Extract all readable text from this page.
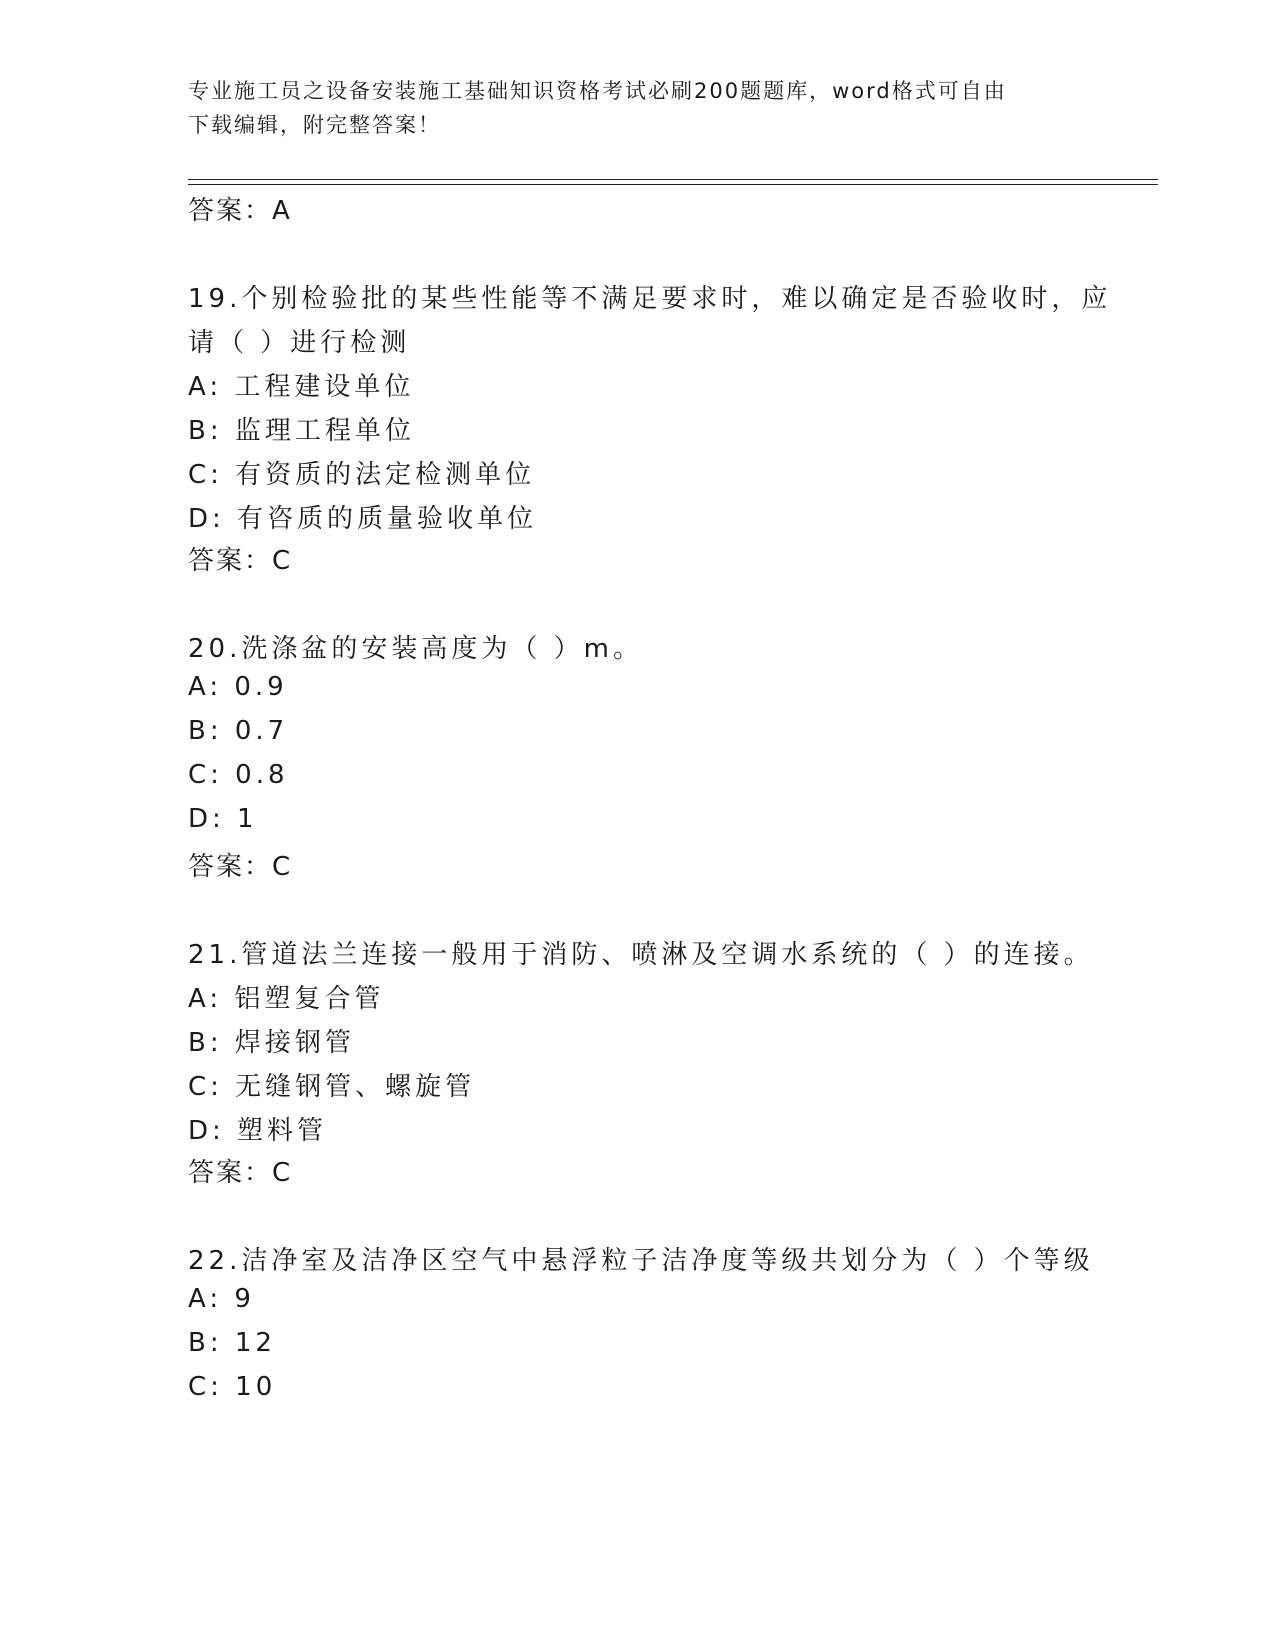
专业施工员之设备安装施工基础知识资格考试必刷200题题库，word格式可自由
下载编辑，附完整答案！
答案：A
19.个别检验批的某些性能等不满足要求时，难以确定是否验收时，应
请（ ）进行检测
A: 工程建设单位
B: 监理工程单位
C: 有资质的法定检测单位
D: 有咨质的质量验收单位
答案：C
20.洗涤盆的安装高度为（ ）m。
A: 0.9
B: 0.7
C: 0.8
D: 1
答案：C
21.管道法兰连接一般用于消防、喷淋及空调水系统的（ ）的连接。
A: 铝塑复合管
B: 焊接钢管
C: 无缝钢管、螺旋管
D: 塑料管
答案：C
22.洁净室及洁净区空气中悬浮粒子洁净度等级共划分为（ ）个等级
A: 9
B: 12
C: 10
